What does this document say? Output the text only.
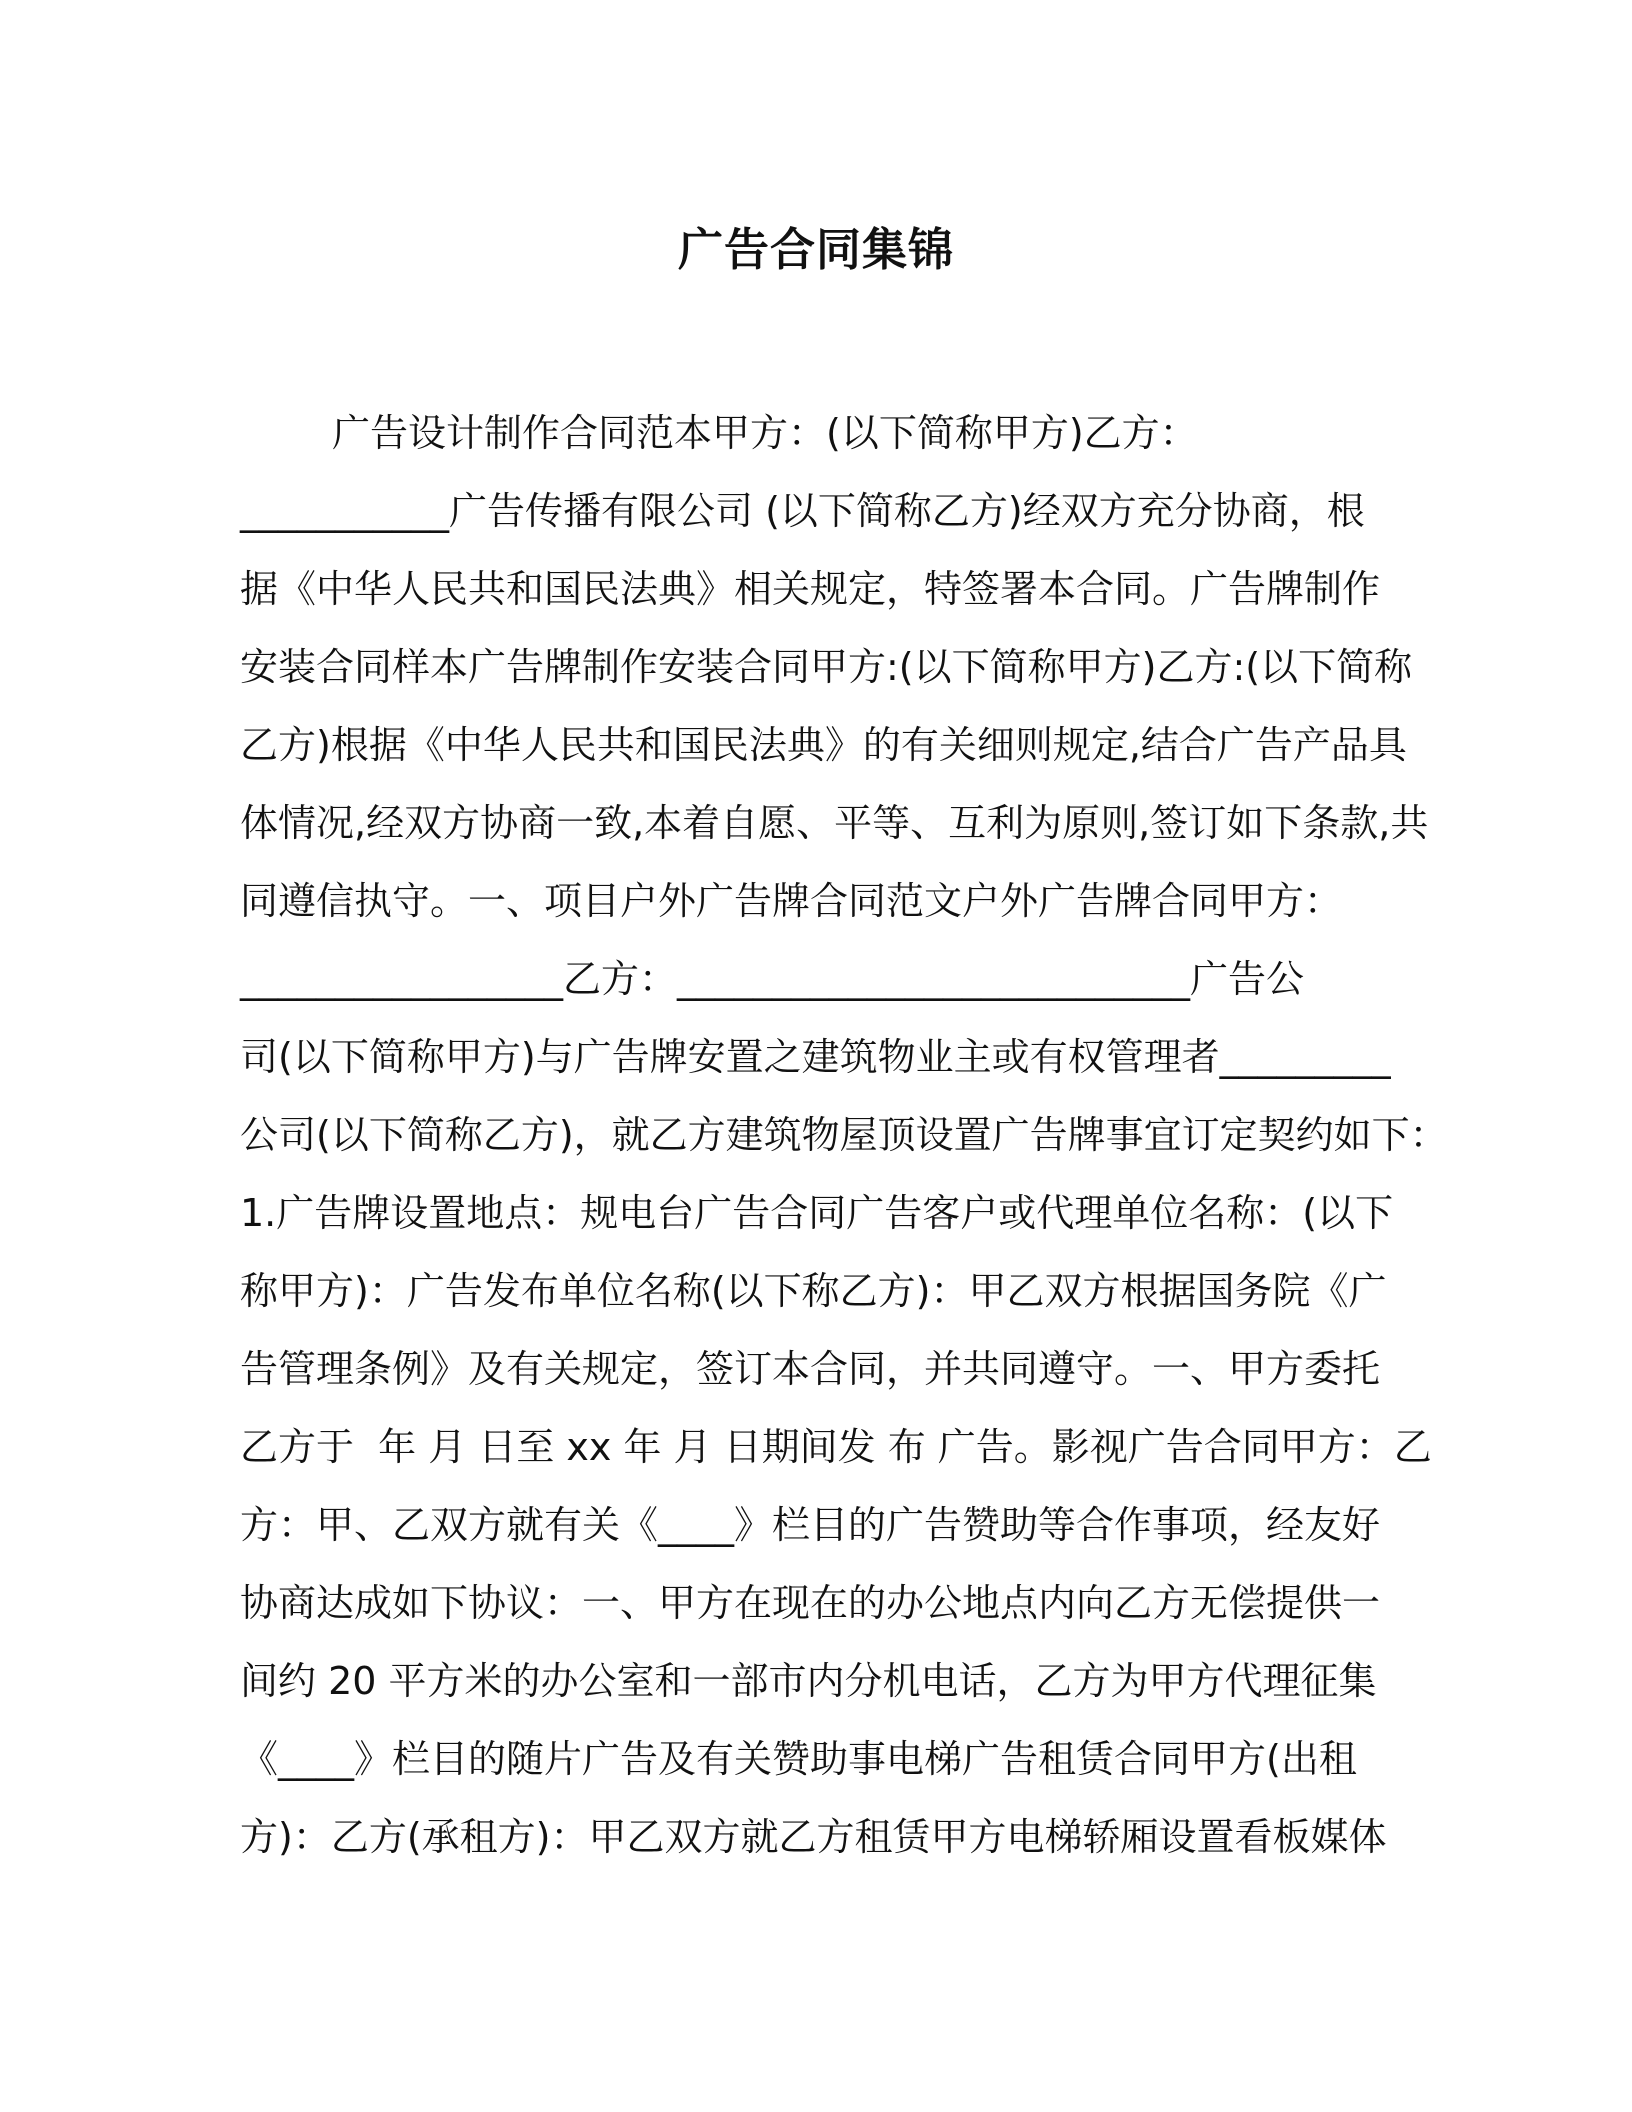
广告合同集锦
广告设计制作合同范本甲方：(以下简称甲方)乙方：
___________广告传播有限公司 (以下简称乙方)经双方充分协商，根
据《中华人民共和国民法典》相关规定，特签署本合同。广告牌制作
安装合同样本广告牌制作安装合同甲方:(以下简称甲方)乙方:(以下简称
乙方)根据《中华人民共和国民法典》的有关细则规定,结合广告产品具
体情况,经双方协商一致,本着自愿、平等、互利为原则,签订如下条款,共
同遵信执守。一、项目户外广告牌合同范文户外广告牌合同甲方：
_________________乙方：___________________________广告公
司(以下简称甲方)与广告牌安置之建筑物业主或有权管理者_________
公司(以下简称乙方)，就乙方建筑物屋顶设置广告牌事宜订定契约如下：
1.广告牌设置地点：规电台广告合同广告客户或代理单位名称：(以下
称甲方)：广告发布单位名称(以下称乙方)：甲乙双方根据国务院《广
告管理条例》及有关规定，签订本合同，并共同遵守。一、甲方委托
乙方于  年 月 日至 xx 年 月 日期间发 布 广告。影视广告合同甲方：乙
方：甲、乙双方就有关《____》栏目的广告赞助等合作事项，经友好
协商达成如下协议：一、甲方在现在的办公地点内向乙方无偿提供一
间约 20 平方米的办公室和一部市内分机电话，乙方为甲方代理征集
《____》栏目的随片广告及有关赞助事电梯广告租赁合同甲方(出租
方)：乙方(承租方)：甲乙双方就乙方租赁甲方电梯轿厢设置看板媒体
